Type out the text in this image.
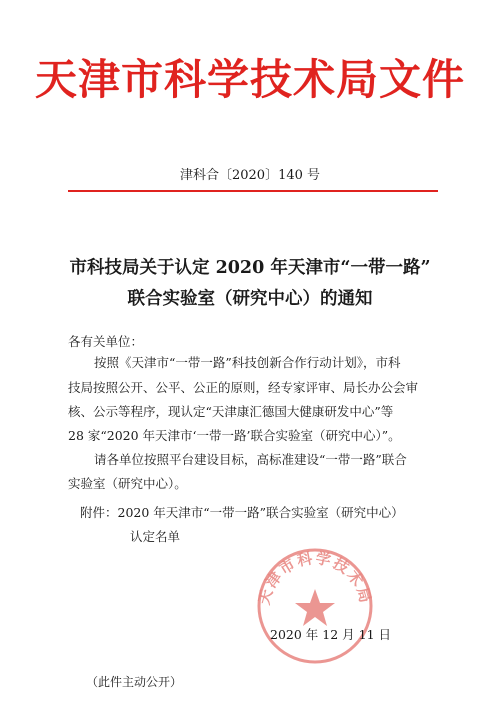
天津市科学技术局文件
津科合〔2020〕140 号
市科技局关于认定 2020 年天津市“一带一路”
联合实验室（研究中心）的通知
各有关单位：
按照《天津市“一带一路”科技创新合作行动计划》，市科
技局按照公开、公平、公正的原则，经专家评审、局长办公会审
核、公示等程序，现认定“天津康汇德国大健康研发中心”等
28 家“2020 年天津市‘一带一路’联合实验室（研究中心）”。
请各单位按照平台建设目标，高标准建设“一带一路”联合
实验室（研究中心）。
附件：2020 年天津市“一带一路”联合实验室（研究中心）
认定名单
天津市科学技术局
2020 年 12 月 11 日
（此件主动公开）
